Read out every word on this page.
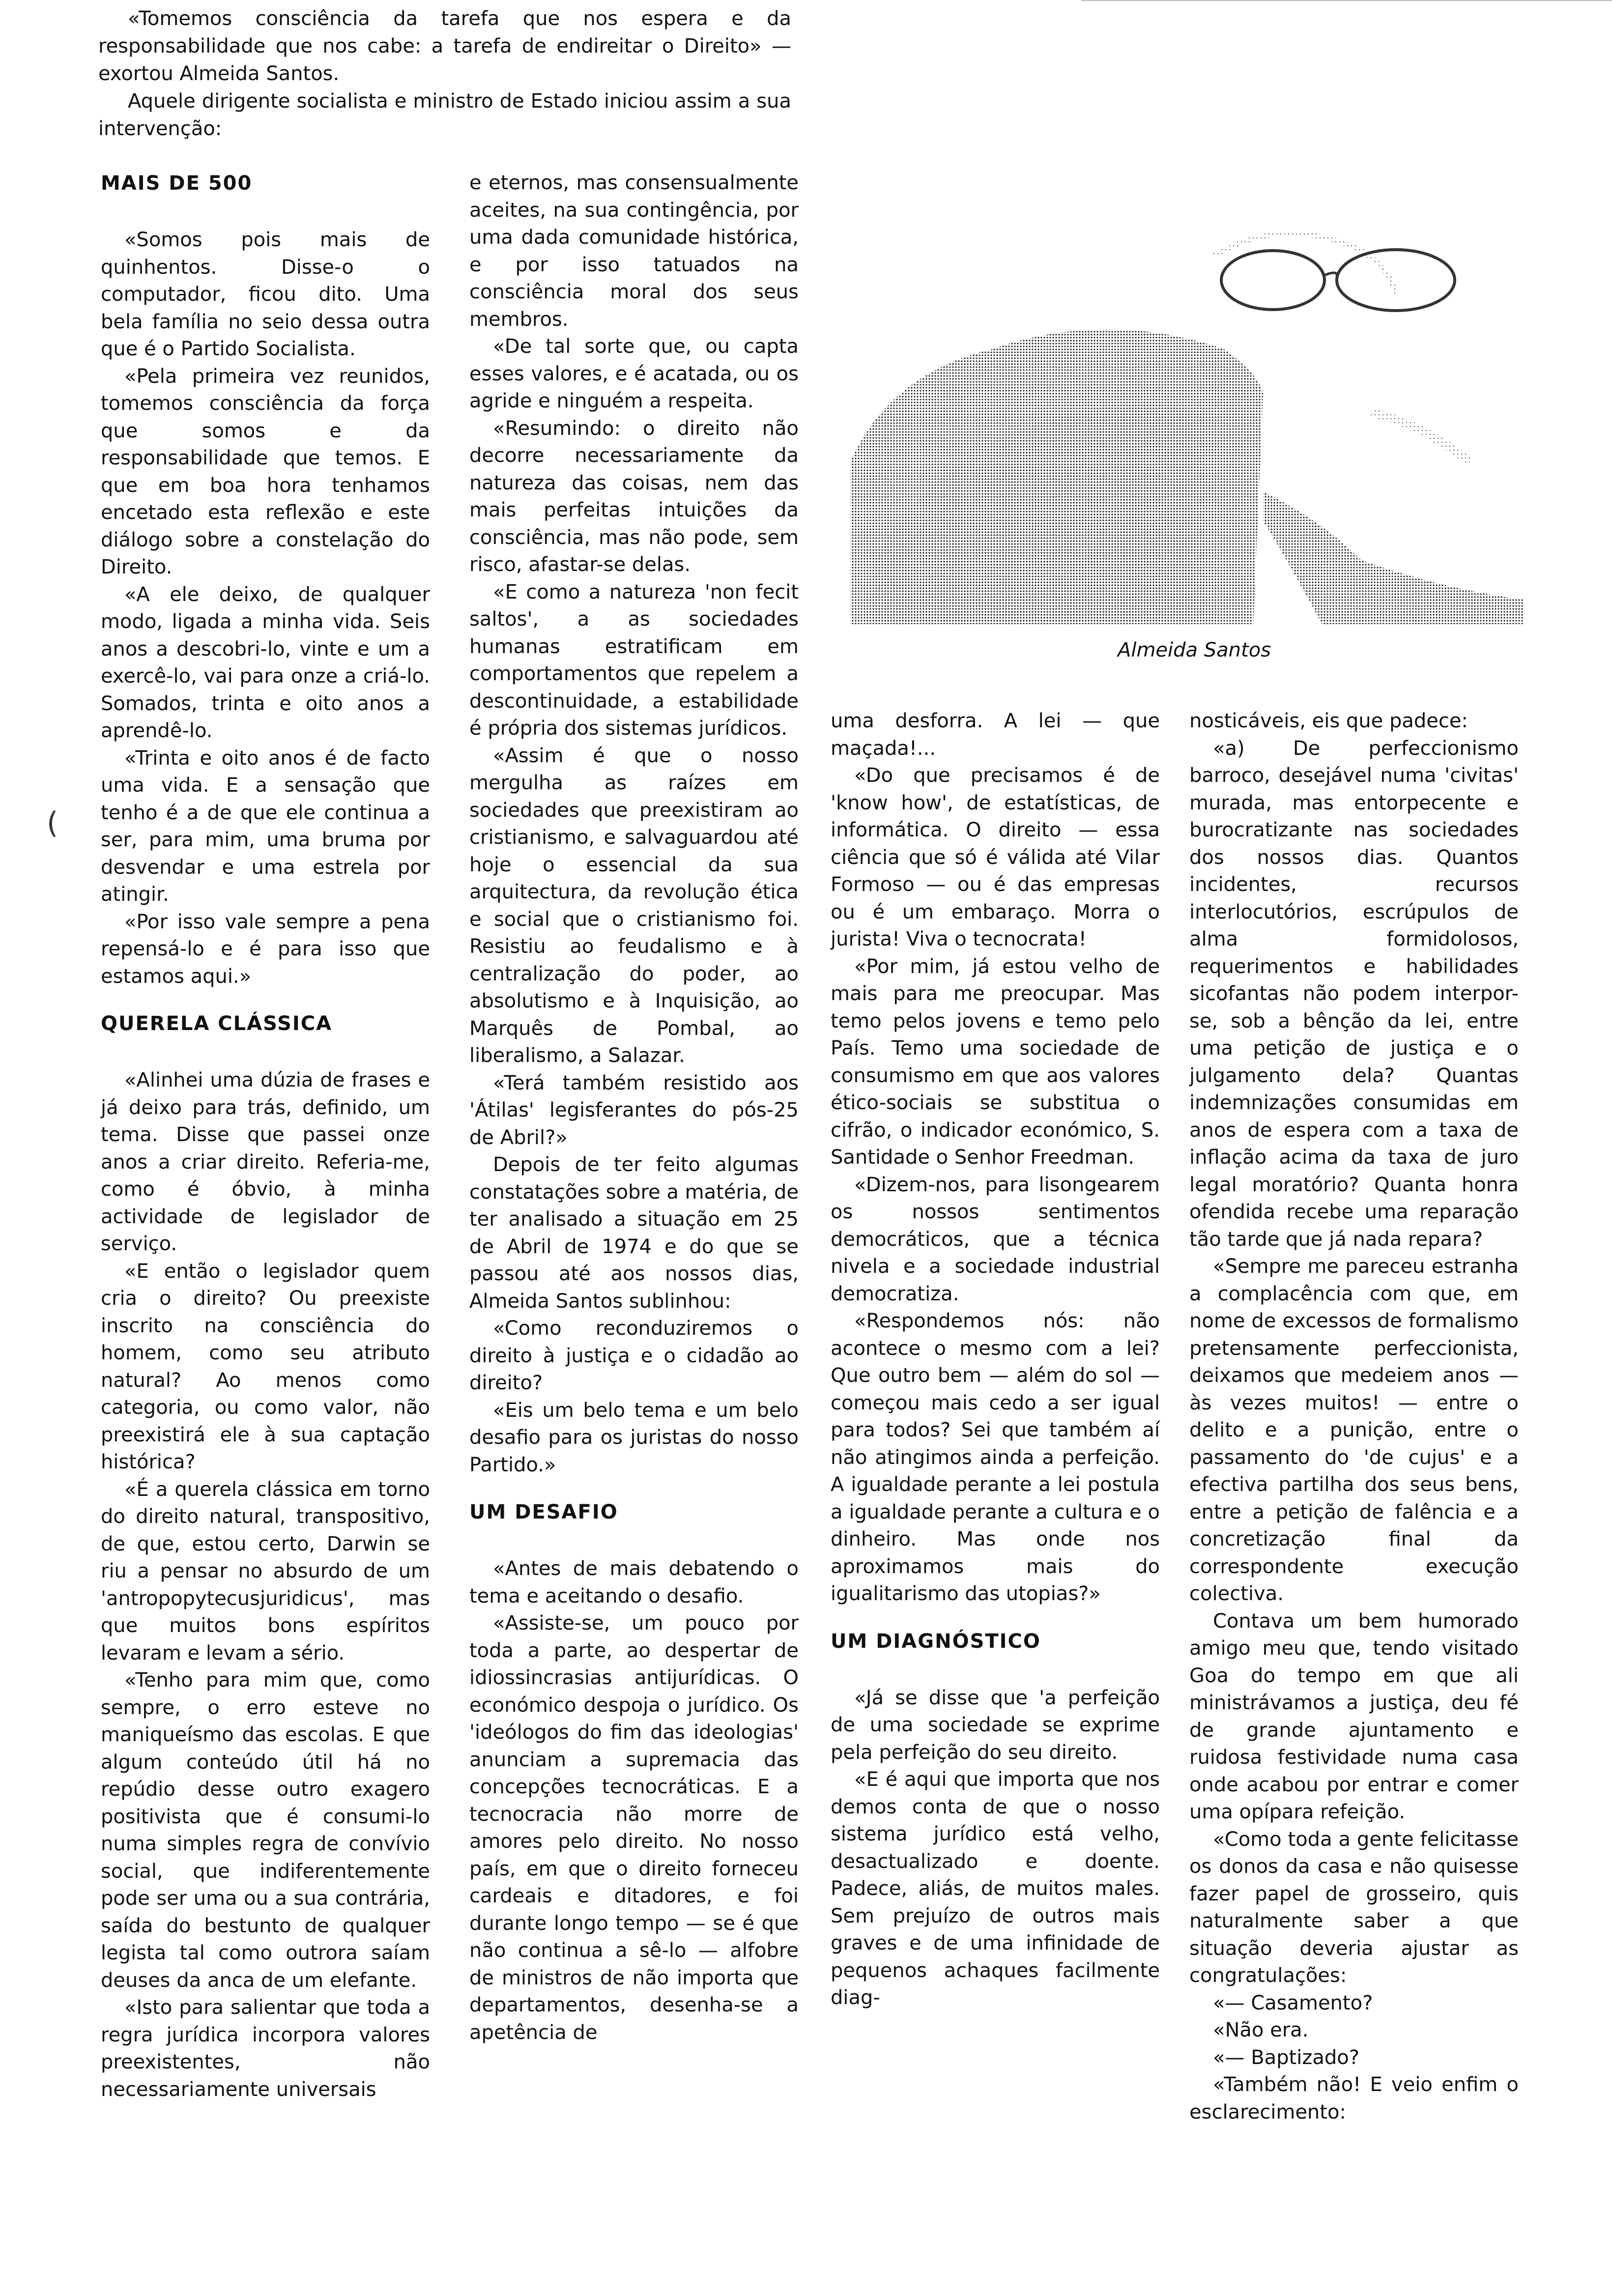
«Tomemos consciência da tarefa que nos espera e da responsabilidade que nos cabe: a tarefa de endireitar o Direito» — exortou Almeida Santos.

Aquele dirigente socialista e ministro de Estado iniciou assim a sua intervenção:

Almeida Santos
(
MAIS DE 500

«Somos pois mais de quinhentos. Disse-o o computador, ficou dito. Uma bela família no seio dessa outra que é o Partido Socialista.

«Pela primeira vez reunidos, tomemos consciência da força que somos e da responsabilidade que temos. E que em boa hora tenhamos encetado esta reflexão e este diálogo sobre a constelação do Direito.

«A ele deixo, de qualquer modo, ligada a minha vida. Seis anos a descobri-lo, vinte e um a exercê-lo, vai para onze a criá-lo. Somados, trinta e oito anos a aprendê-lo.

«Trinta e oito anos é de facto uma vida. E a sensação que tenho é a de que ele continua a ser, para mim, uma bruma por desvendar e uma estrela por atingir.

«Por isso vale sempre a pena repensá-lo e é para isso que estamos aqui.»

QUERELA CLÁSSICA

«Alinhei uma dúzia de frases e já deixo para trás, definido, um tema. Disse que passei onze anos a criar direito. Referia-me, como é óbvio, à minha actividade de legislador de serviço.

«E então o legislador quem cria o direito? Ou preexiste inscrito na consciência do homem, como seu atributo natural? Ao menos como categoria, ou como valor, não preexistirá ele à sua captação histórica?

«É a querela clássica em torno do direito natural, transpositivo, de que, estou certo, Darwin se riu a pensar no absurdo de um 'antropopytecusjuridicus', mas que muitos bons espíritos levaram e levam a sério.

«Tenho para mim que, como sempre, o erro esteve no maniqueísmo das escolas. E que algum conteúdo útil há no repúdio desse outro exagero positivista que é consumi-lo numa simples regra de convívio social, que indiferentemente pode ser uma ou a sua contrária, saída do bestunto de qualquer legista tal como outrora saíam deuses da anca de um elefante.

«Isto para salientar que toda a regra jurídica incorpora valores preexistentes, não necessariamente universais

e eternos, mas consensualmente aceites, na sua contingência, por uma dada comunidade histórica, e por isso tatuados na consciência moral dos seus membros.

«De tal sorte que, ou capta esses valores, e é acatada, ou os agride e ninguém a respeita.

«Resumindo: o direito não decorre necessariamente da natureza das coisas, nem das mais perfeitas intuições da consciência, mas não pode, sem risco, afastar-se delas.

«E como a natureza 'non fecit saltos', a as sociedades humanas estratificam em comportamentos que repelem a descontinuidade, a estabilidade é própria dos sistemas jurídicos.

«Assim é que o nosso mergulha as raízes em sociedades que preexistiram ao cristianismo, e salvaguardou até hoje o essencial da sua arquitectura, da revolução ética e social que o cristianismo foi. Resistiu ao feudalismo e à centralização do poder, ao absolutismo e à Inquisição, ao Marquês de Pombal, ao liberalismo, a Salazar.

«Terá também resistido aos 'Átilas' legisferantes do pós-25 de Abril?»

Depois de ter feito algumas constatações sobre a matéria, de ter analisado a situação em 25 de Abril de 1974 e do que se passou até aos nossos dias, Almeida Santos sublinhou:

«Como reconduziremos o direito à justiça e o cidadão ao direito?

«Eis um belo tema e um belo desafio para os juristas do nosso Partido.»

UM DESAFIO

«Antes de mais debatendo o tema e aceitando o desafio.

«Assiste-se, um pouco por toda a parte, ao despertar de idiossincrasias antijurídicas. O económico despoja o jurídico. Os 'ideólogos do fim das ideologias' anunciam a supremacia das concepções tecnocráticas. E a tecnocracia não morre de amores pelo direito. No nosso país, em que o direito forneceu cardeais e ditadores, e foi durante longo tempo — se é que não continua a sê-lo — alfobre de ministros de não importa que departamentos, desenha-se a apetência de

uma desforra. A lei — que maçada!...

«Do que precisamos é de 'know how', de estatísticas, de informática. O direito — essa ciência que só é válida até Vilar Formoso — ou é das empresas ou é um embaraço. Morra o jurista! Viva o tecnocrata!

«Por mim, já estou velho de mais para me preocupar. Mas temo pelos jovens e temo pelo País. Temo uma sociedade de consumismo em que aos valores ético-sociais se substitua o cifrão, o indicador económico, S. Santidade o Senhor Freedman.

«Dizem-nos, para lisongearem os nossos sentimentos democráticos, que a técnica nivela e a sociedade industrial democratiza.

«Respondemos nós: não acontece o mesmo com a lei? Que outro bem — além do sol — começou mais cedo a ser igual para todos? Sei que também aí não atingimos ainda a perfeição. A igualdade perante a lei postula a igualdade perante a cultura e o dinheiro. Mas onde nos aproximamos mais do igualitarismo das utopias?»

UM DIAGNÓSTICO

«Já se disse que 'a perfeição de uma sociedade se exprime pela perfeição do seu direito.

«E é aqui que importa que nos demos conta de que o nosso sistema jurídico está velho, desactualizado e doente. Padece, aliás, de muitos males. Sem prejuízo de outros mais graves e de uma infinidade de pequenos achaques facilmente diag-

nosticáveis, eis que padece:

«a) De perfeccionismo barroco, desejável numa 'civitas' murada, mas entorpecente e burocratizante nas sociedades dos nossos dias. Quantos incidentes, recursos interlocutórios, escrúpulos de alma formidolosos, requerimentos e habilidades sicofantas não podem interpor-se, sob a bênção da lei, entre uma petição de justiça e o julgamento dela? Quantas indemnizações consumidas em anos de espera com a taxa de inflação acima da taxa de juro legal moratório? Quanta honra ofendida recebe uma reparação tão tarde que já nada repara?

«Sempre me pareceu estranha a complacência com que, em nome de excessos de formalismo pretensamente perfeccionista, deixamos que medeiem anos — às vezes muitos! — entre o delito e a punição, entre o passamento do 'de cujus' e a efectiva partilha dos seus bens, entre a petição de falência e a concretização final da correspondente execução colectiva.

Contava um bem humorado amigo meu que, tendo visitado Goa do tempo em que ali ministrávamos a justiça, deu fé de grande ajuntamento e ruidosa festividade numa casa onde acabou por entrar e comer uma opípara refeição.

«Como toda a gente felicitasse os donos da casa e não quisesse fazer papel de grosseiro, quis naturalmente saber a que situação deveria ajustar as congratulações:

«— Casamento?

«Não era.

«— Baptizado?

«Também não! E veio enfim o esclarecimento:
